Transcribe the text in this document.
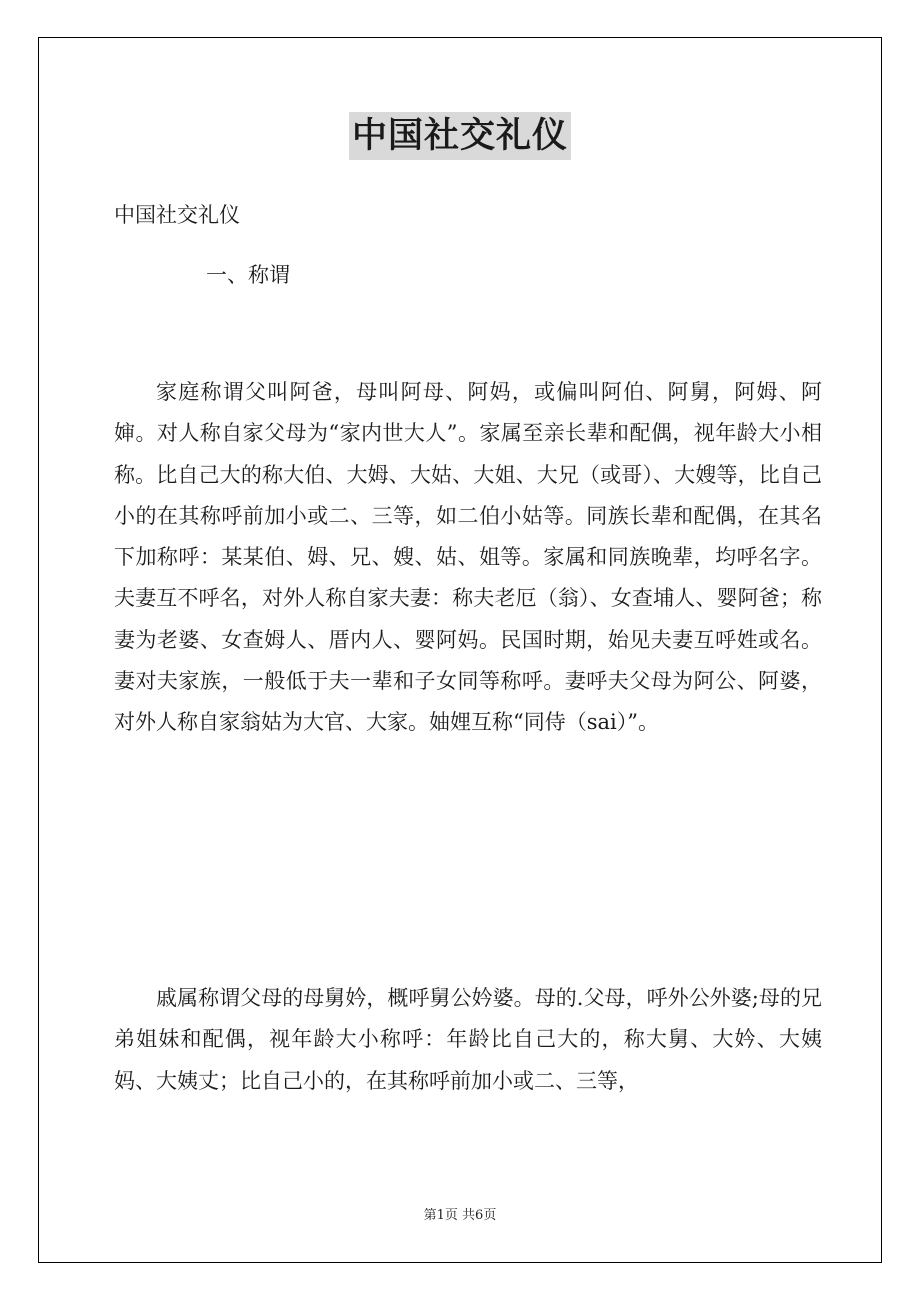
中国社交礼仪
中国社交礼仪
一、称谓

家庭称谓父叫阿爸，母叫阿母、阿妈，或偏叫阿伯、阿舅，阿姆、阿婶。对人称自家父母为“家内世大人”。家属至亲长辈和配偶，视年龄大小相称。比自己大的称大伯、大姆、大姑、大姐、大兄（或哥）、大嫂等，比自己小的在其称呼前加小或二、三等，如二伯小姑等。同族长辈和配偶，在其名下加称呼：某某伯、姆、兄、嫂、姑、姐等。家属和同族晚辈，均呼名字。夫妻互不呼名，对外人称自家夫妻：称夫老厄（翁）、女查埔人、婴阿爸；称妻为老婆、女查姆人、厝内人、婴阿妈。民国时期，始见夫妻互呼姓或名。妻对夫家族，一般低于夫一辈和子女同等称呼。妻呼夫父母为阿公、阿婆，对外人称自家翁姑为大官、大家。妯娌互称“同侍（sai）”。

戚属称谓父母的母舅妗，概呼舅公妗婆。母的.父母，呼外公外婆;母的兄弟姐妹和配偶，视年龄大小称呼：年龄比自己大的，称大舅、大妗、大姨妈、大姨丈；比自己小的，在其称呼前加小或二、三等，

第1页 共6页
